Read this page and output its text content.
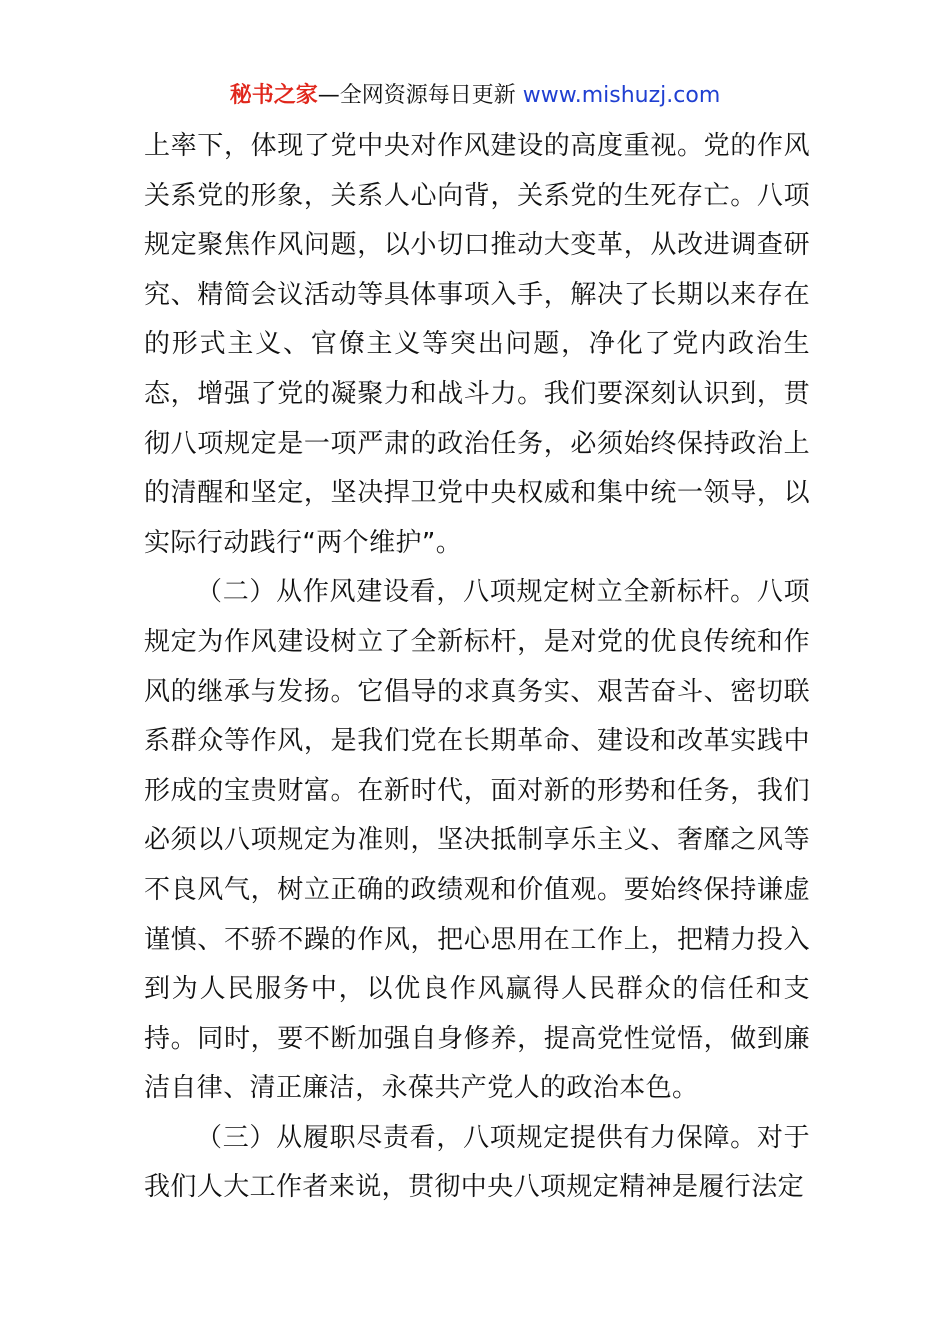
秘书之家—全网资源每日更新 www.mishuzj.com

上率下，体现了党中央对作风建设的高度重视。党的作风关系党的形象，关系人心向背，关系党的生死存亡。八项规定聚焦作风问题，以小切口推动大变革，从改进调查研究、精简会议活动等具体事项入手，解决了长期以来存在的形式主义、官僚主义等突出问题，净化了党内政治生态，增强了党的凝聚力和战斗力。我们要深刻认识到，贯彻八项规定是一项严肃的政治任务，必须始终保持政治上的清醒和坚定，坚决捍卫党中央权威和集中统一领导，以实际行动践行“两个维护”。

（二）从作风建设看，八项规定树立全新标杆。八项规定为作风建设树立了全新标杆，是对党的优良传统和作风的继承与发扬。它倡导的求真务实、艰苦奋斗、密切联系群众等作风，是我们党在长期革命、建设和改革实践中形成的宝贵财富。在新时代，面对新的形势和任务，我们必须以八项规定为准则，坚决抵制享乐主义、奢靡之风等不良风气，树立正确的政绩观和价值观。要始终保持谦虚谨慎、不骄不躁的作风，把心思用在工作上，把精力投入到为人民服务中，以优良作风赢得人民群众的信任和支持。同时，要不断加强自身修养，提高党性觉悟，做到廉洁自律、清正廉洁，永葆共产党人的政治本色。

（三）从履职尽责看，八项规定提供有力保障。对于我们人大工作者来说，贯彻中央八项规定精神是履行法定
